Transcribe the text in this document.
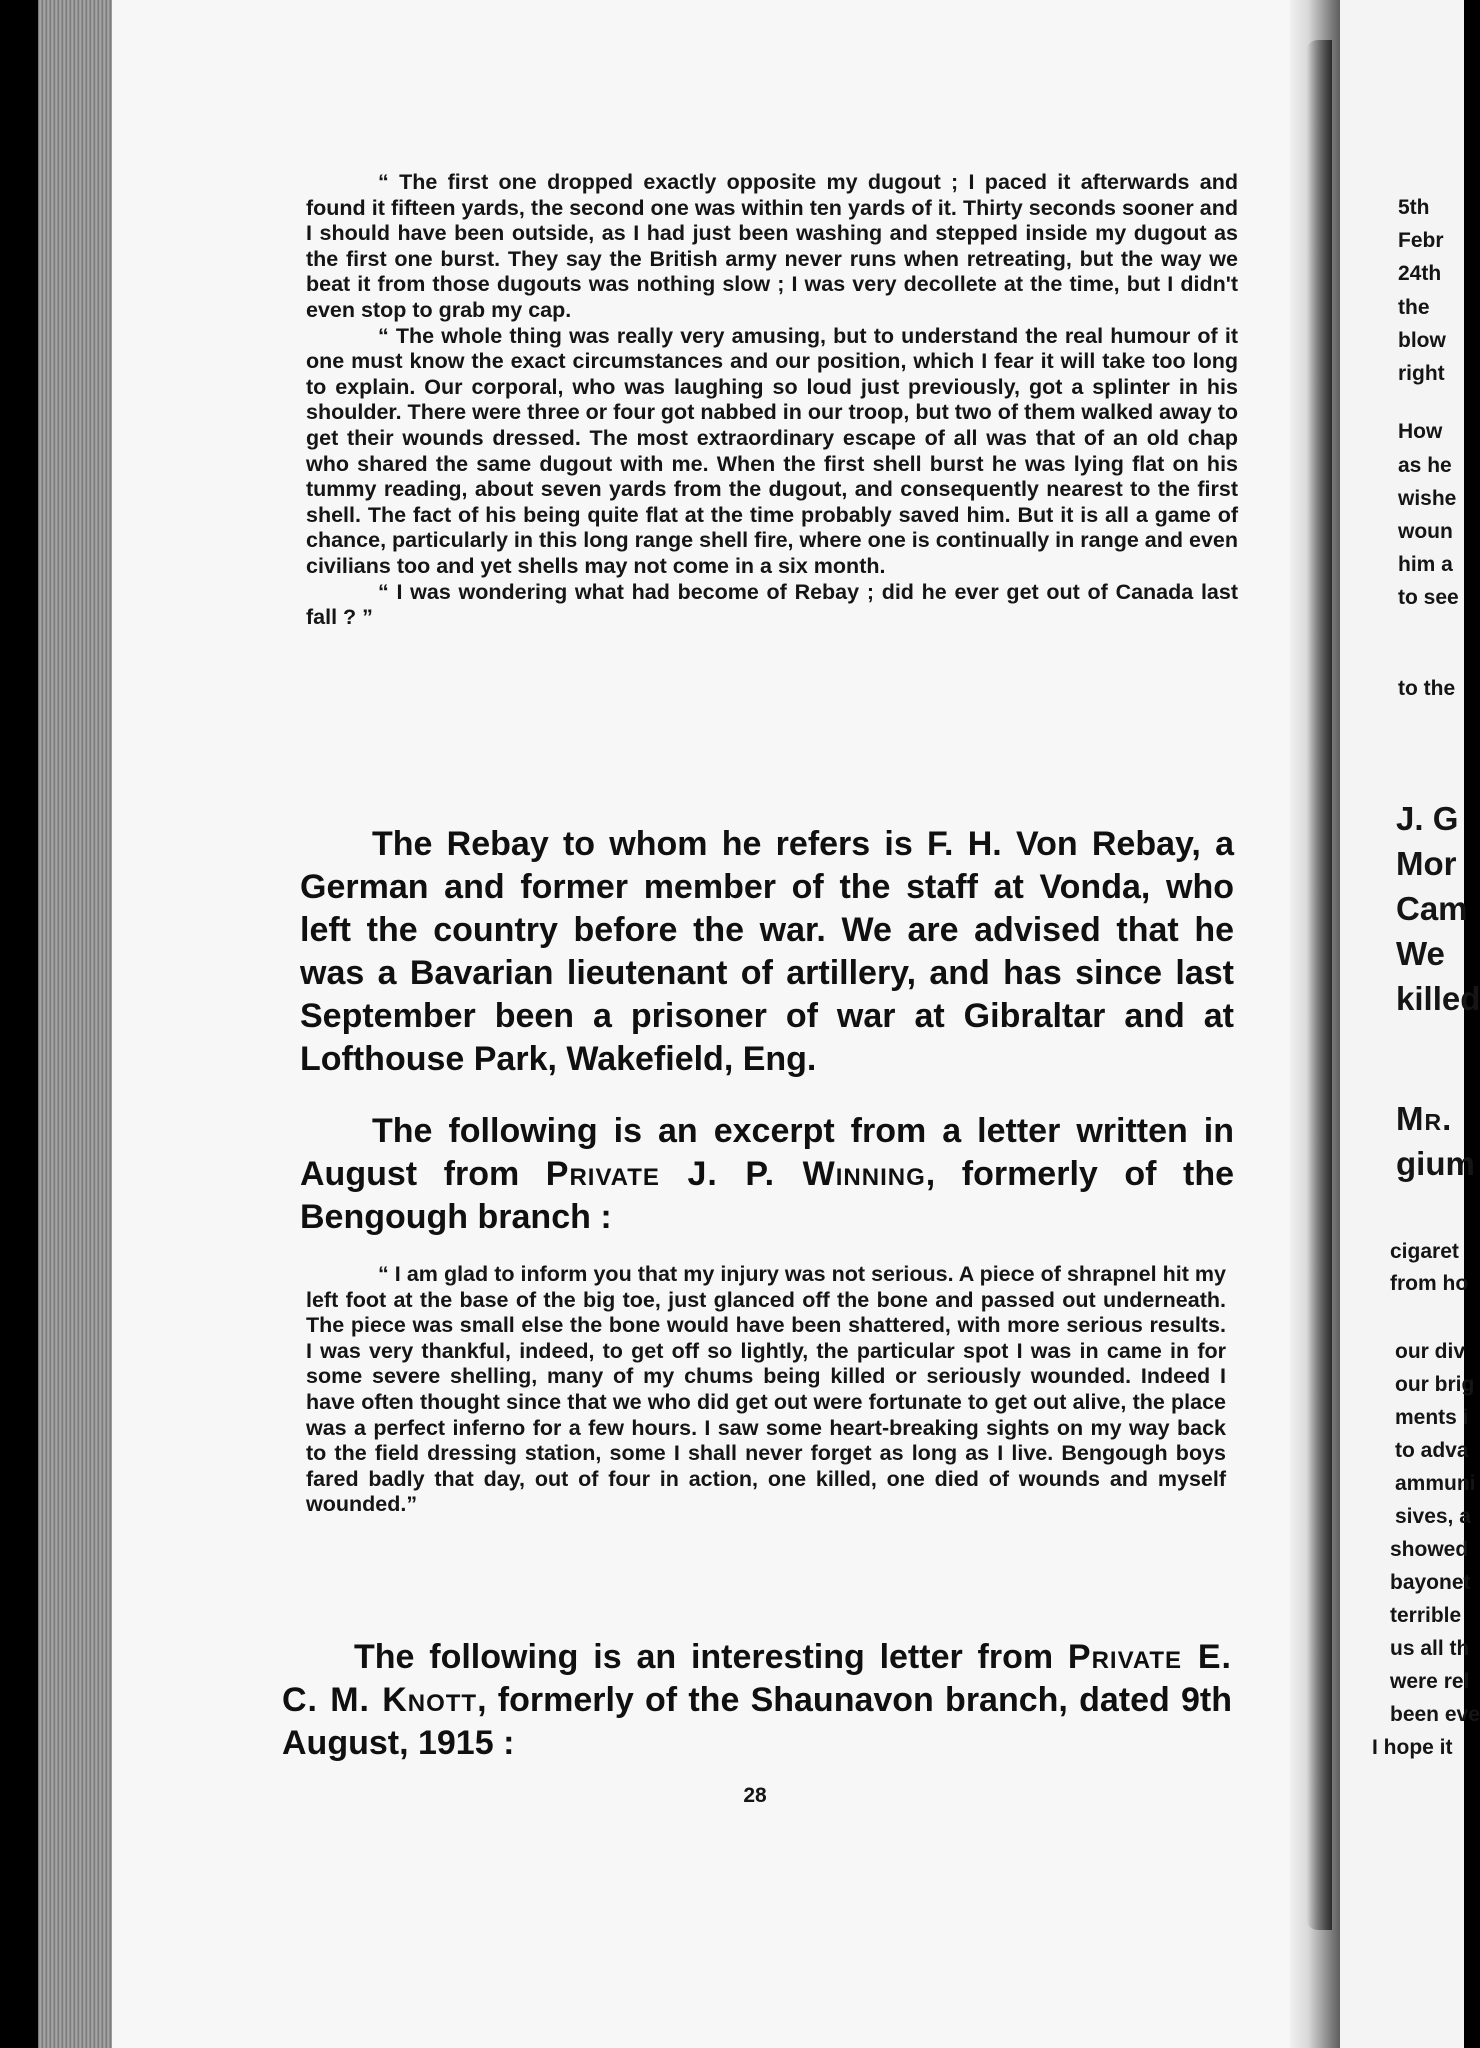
“ The first one dropped exactly opposite my dugout ; I paced it afterwards and found it fifteen yards, the second one was within ten yards of it. Thirty seconds sooner and I should have been outside, as I had just been washing and stepped inside my dugout as the first one burst. They say the British army never runs when retreating, but the way we beat it from those dugouts was nothing slow ; I was very decollete at the time, but I didn't even stop to grab my cap.

“ The whole thing was really very amusing, but to understand the real humour of it one must know the exact circumstances and our position, which I fear it will take too long to explain. Our corporal, who was laughing so loud just previously, got a splinter in his shoulder. There were three or four got nabbed in our troop, but two of them walked away to get their wounds dressed. The most extraordinary escape of all was that of an old chap who shared the same dugout with me. When the first shell burst he was lying flat on his tummy reading, about seven yards from the dugout, and consequently nearest to the first shell. The fact of his being quite flat at the time probably saved him. But it is all a game of chance, particularly in this long range shell fire, where one is continually in range and even civilians too and yet shells may not come in a six month.

“ I was wondering what had become of Rebay ; did he ever get out of Canada last fall ? ”

The Rebay to whom he refers is F. H. Von Rebay, a German and former member of the staff at Vonda, who left the country before the war. We are advised that he was a Bavarian lieutenant of artillery, and has since last September been a prisoner of war at Gibraltar and at Lofthouse Park, Wakefield, Eng.

The following is an excerpt from a letter written in August from Private J. P. Winning, formerly of the Bengough branch :

“ I am glad to inform you that my injury was not serious. A piece of shrapnel hit my left foot at the base of the big toe, just glanced off the bone and passed out underneath. The piece was small else the bone would have been shattered, with more serious results. I was very thankful, indeed, to get off so lightly, the particular spot I was in came in for some severe shelling, many of my chums being killed or seriously wounded. Indeed I have often thought since that we who did get out were fortunate to get out alive, the place was a perfect inferno for a few hours. I saw some heart-breaking sights on my way back to the field dressing station, some I shall never forget as long as I live. Bengough boys fared badly that day, out of four in action, one killed, one died of wounds and myself wounded.”

The following is an interesting letter from Private E. C. M. Knott, formerly of the Shaunavon branch, dated 9th August, 1915 :

28
5th
Febr
24th
the
blow
right
How
as he
wishe
woun
him a
to see
to the
J. G
Mor
Cam
We
killed
Mr.
gium
cigaret
from ho
our div
our brig
ments i
to adva
ammuni
sives, a
showed
bayonet
terrible
us all th
were rel
been eve
I hope it
